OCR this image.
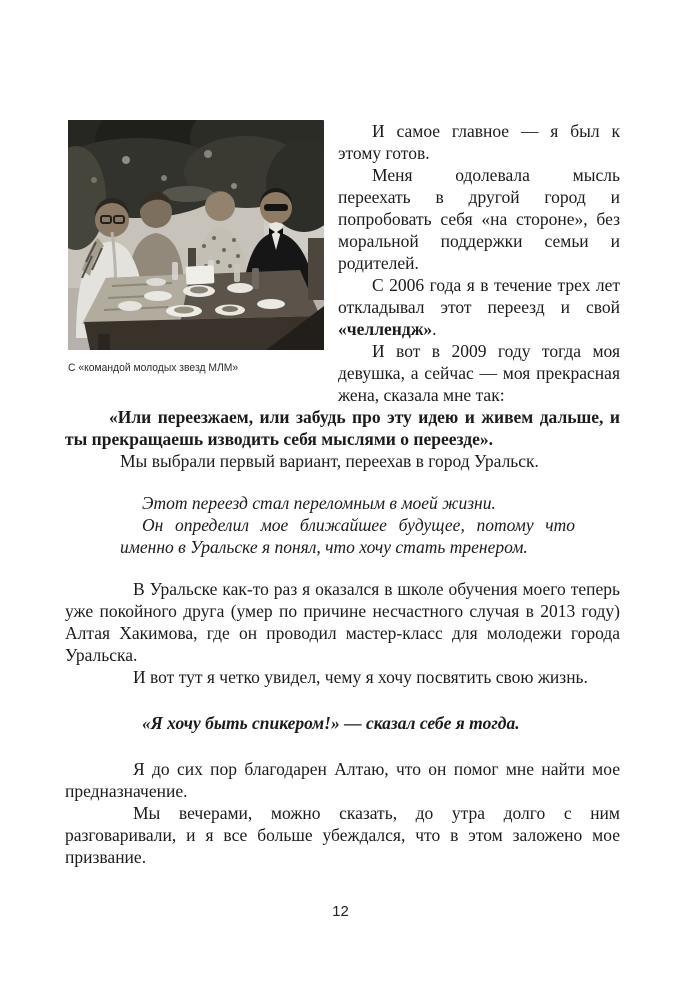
С «командой молодых звезд МЛМ»

И самое главное — я был к этому готов.

Меня одолевала мысль переехать в другой город и попробовать себя «на стороне», без моральной поддержки семьи и родителей.

С 2006 года я в течение трех лет откладывал этот переезд и свой «челлендж».

И вот в 2009 году тогда моя девушка, а сейчас — моя прекрасная жена, сказала мне так:

«Или переезжаем, или забудь про эту идею и живем дальше, и ты прекращаешь изводить себя мыслями о переезде».

Мы выбрали первый вариант, переехав в город Уральск.

Этот переезд стал переломным в моей жизни.

Он определил мое ближайшее будущее, потому что именно в Уральске я понял, что хочу стать тренером.

В Уральске как-то раз я оказался в школе обучения моего теперь уже покойного друга (умер по причине несчастного случая в 2013 году) Алтая Хакимова, где он проводил мастер-класс для молодежи города Уральска.

И вот тут я четко увидел, чему я хочу посвятить свою жизнь.

«Я хочу быть спикером!» — сказал себе я тогда.

Я до сих пор благодарен Алтаю, что он помог мне найти мое предназначение.

Мы вечерами, можно сказать, до утра долго с ним разговаривали, и я все больше убеждался, что в этом заложено мое призвание.

12
